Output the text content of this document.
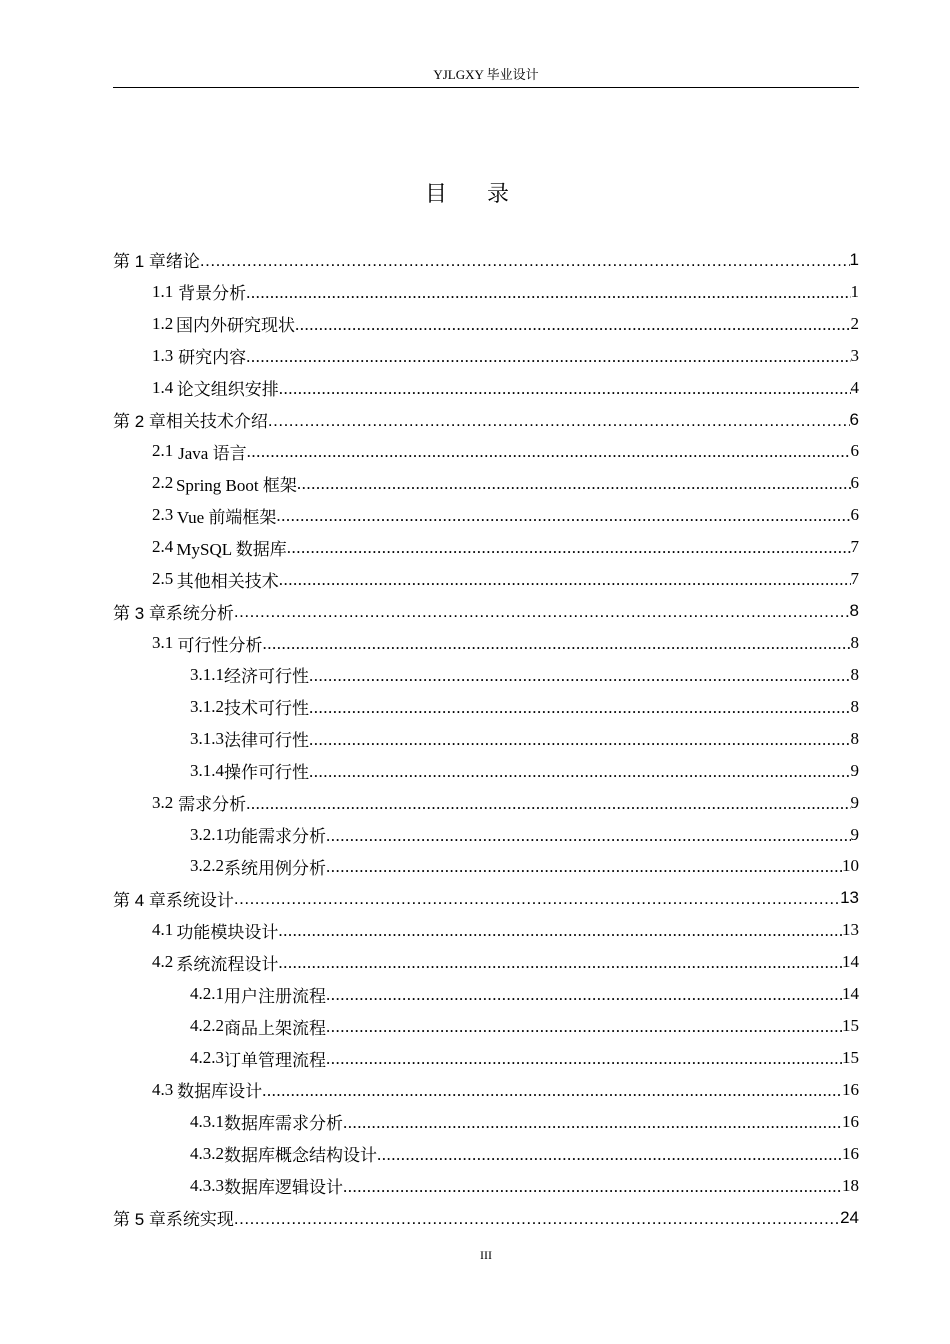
YJLGXY 毕业设计
目录
第 1 章 绪论 .....	1
1.1 背景分析 .....	1
1.2 国内外研究现状 .....	2
1.3 研究内容 .....	3
1.4 论文组织安排 .....	4
第 2 章 相关技术介绍 .....	6
2.1 Java 语言 .....	6
2.2 Spring Boot 框架 .....	6
2.3 Vue 前端框架 .....	6
2.4 MySQL 数据库 .....	7
2.5 其他相关技术 .....	7
第 3 章 系统分析 .....	8
3.1 可行性分析 .....	8
3.1.1 经济可行性 .....	8
3.1.2 技术可行性 .....	8
3.1.3 法律可行性 .....	8
3.1.4 操作可行性 .....	9
3.2 需求分析 .....	9
3.2.1 功能需求分析 .....	9
3.2.2 系统用例分析 .....	10
第 4 章 系统设计 .....	13
4.1 功能模块设计 .....	13
4.2 系统流程设计 .....	14
4.2.1 用户注册流程 .....	14
4.2.2 商品上架流程 .....	15
4.2.3 订单管理流程 .....	15
4.3 数据库设计 .....	16
4.3.1 数据库需求分析 .....	16
4.3.2 数据库概念结构设计 .....	16
4.3.3 数据库逻辑设计 .....	18
第 5 章 系统实现 .....	24
III
